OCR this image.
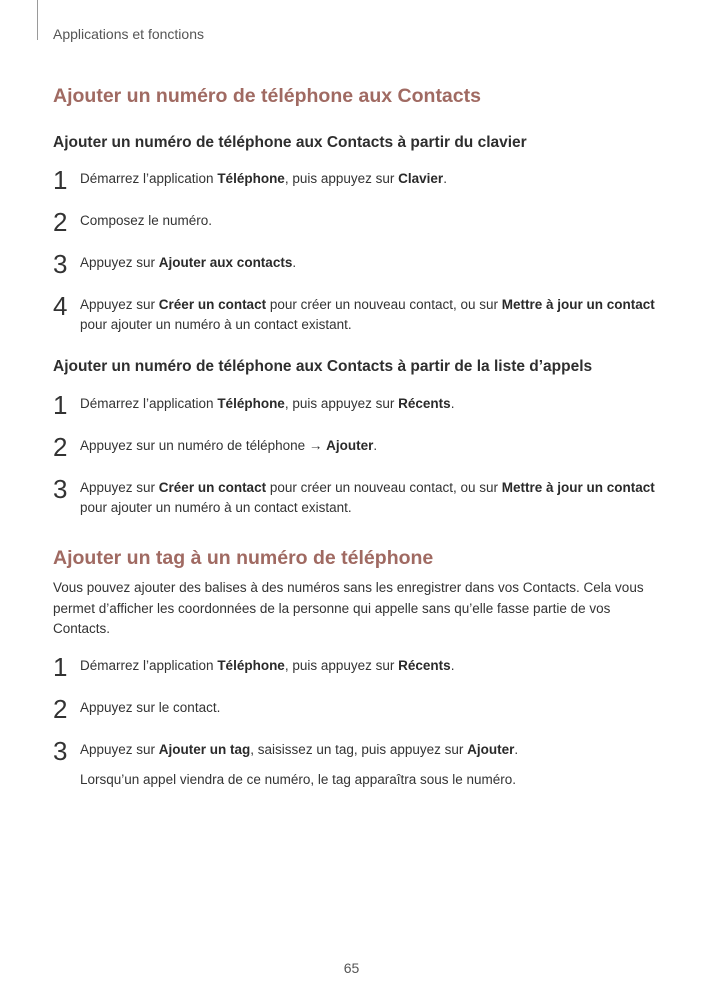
Applications et fonctions
Ajouter un numéro de téléphone aux Contacts
Ajouter un numéro de téléphone aux Contacts à partir du clavier
1 Démarrez l’application Téléphone, puis appuyez sur Clavier.
2 Composez le numéro.
3 Appuyez sur Ajouter aux contacts.
4 Appuyez sur Créer un contact pour créer un nouveau contact, ou sur Mettre à jour un contact pour ajouter un numéro à un contact existant.
Ajouter un numéro de téléphone aux Contacts à partir de la liste d’appels
1 Démarrez l’application Téléphone, puis appuyez sur Récents.
2 Appuyez sur un numéro de téléphone → Ajouter.
3 Appuyez sur Créer un contact pour créer un nouveau contact, ou sur Mettre à jour un contact pour ajouter un numéro à un contact existant.
Ajouter un tag à un numéro de téléphone

Vous pouvez ajouter des balises à des numéros sans les enregistrer dans vos Contacts. Cela vous permet d’afficher les coordonnées de la personne qui appelle sans qu’elle fasse partie de vos Contacts.

1 Démarrez l’application Téléphone, puis appuyez sur Récents.
2 Appuyez sur le contact.
3 Appuyez sur Ajouter un tag, saisissez un tag, puis appuyez sur Ajouter.
Lorsqu’un appel viendra de ce numéro, le tag apparaîtra sous le numéro.
65
